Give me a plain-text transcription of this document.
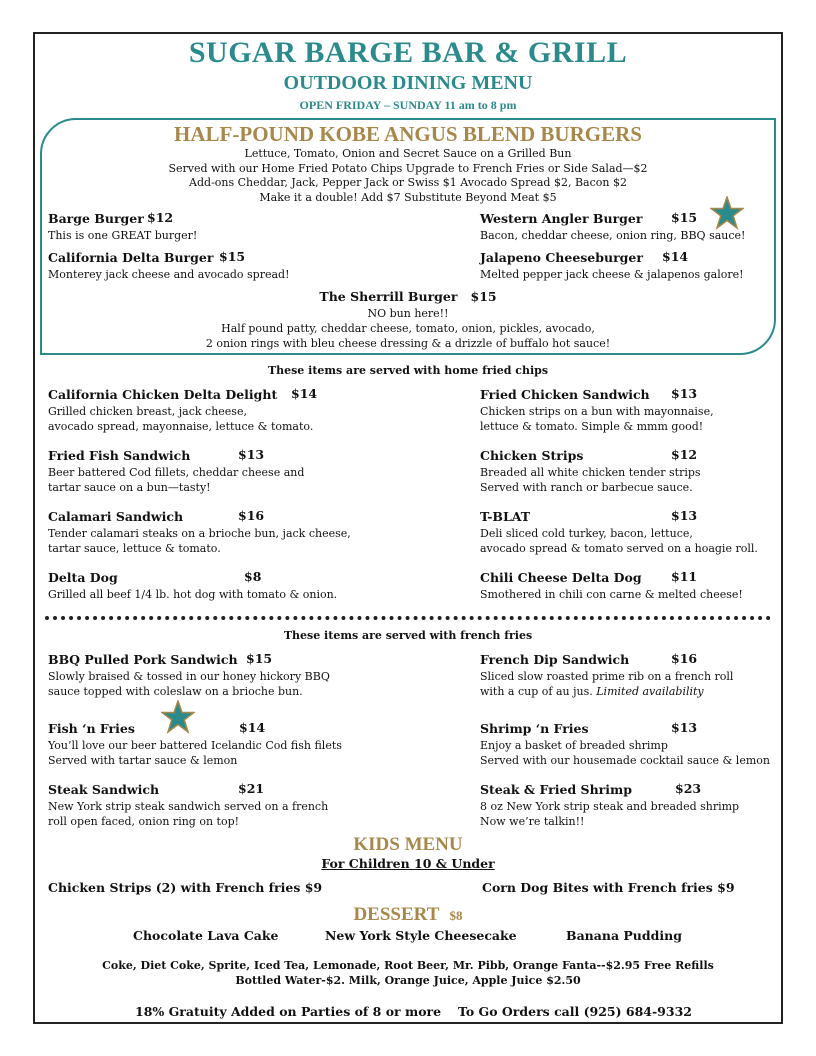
SUGAR BARGE BAR & GRILL
OUTDOOR DINING MENU
OPEN FRIDAY – SUNDAY 11 am to 8 pm
HALF-POUND KOBE ANGUS BLEND BURGERS
Lettuce, Tomato, Onion and Secret Sauce on a Grilled Bun
Served with our Home Fried Potato Chips Upgrade to French Fries or Side Salad—$2
Add-ons Cheddar, Jack, Pepper Jack or Swiss $1 Avocado Spread $2, Bacon $2
Make it a double! Add $7 Substitute Beyond Meat $5
Barge Burger $12
This is one GREAT burger!
Western Angler Burger	$15
Bacon, cheddar cheese, onion ring, BBQ sauce!
California Delta Burger $15
Monterey jack cheese and avocado spread!
Jalapeno Cheeseburger	$14
Melted pepper jack cheese & jalapenos galore!
The Sherrill Burger $15
NO bun here!!
Half pound patty, cheddar cheese, tomato, onion, pickles, avocado,
2 onion rings with bleu cheese dressing & a drizzle of buffalo hot sauce!
These items are served with home fried chips
California Chicken Delta Delight	$14
Grilled chicken breast, jack cheese,
avocado spread, mayonnaise, lettuce & tomato.
Fried Chicken Sandwich	$13
Chicken strips on a bun with mayonnaise,
lettuce & tomato. Simple & mmm good!
Fried Fish Sandwich	$13
Beer battered Cod fillets, cheddar cheese and
tartar sauce on a bun—tasty!
Chicken Strips	$12
Breaded all white chicken tender strips
Served with ranch or barbecue sauce.
Calamari Sandwich	$16
Tender calamari steaks on a brioche bun, jack cheese,
tartar sauce, lettuce & tomato.
T-BLAT	$13
Deli sliced cold turkey, bacon, lettuce,
avocado spread & tomato served on a hoagie roll.
Delta Dog	$8
Grilled all beef 1/4 lb. hot dog with tomato & onion.
Chili Cheese Delta Dog	$11
Smothered in chili con carne & melted cheese!
These items are served with french fries
BBQ Pulled Pork Sandwich $15
Slowly braised & tossed in our honey hickory BBQ
sauce topped with coleslaw on a brioche bun.
French Dip Sandwich	$16
Sliced slow roasted prime rib on a french roll
with a cup of au jus. Limited availability
Fish ‘n Fries	$14
You’ll love our beer battered Icelandic Cod fish filets
Served with tartar sauce & lemon
Shrimp ‘n Fries	$13
Enjoy a basket of breaded shrimp
Served with our housemade cocktail sauce & lemon
Steak Sandwich	$21
New York strip steak sandwich served on a french
roll open faced, onion ring on top!
Steak & Fried Shrimp	$23
8 oz New York strip steak and breaded shrimp
Now we’re talkin!!
KIDS MENU
For Children 10 & Under
Chicken Strips (2) with French fries $9	Corn Dog Bites with French fries $9
DESSERT $8
Chocolate Lava Cake	New York Style Cheesecake	Banana Pudding
Coke, Diet Coke, Sprite, Iced Tea, Lemonade, Root Beer, Mr. Pibb, Orange Fanta--$2.95 Free Refills
Bottled Water-$2. Milk, Orange Juice, Apple Juice $2.50
18% Gratuity Added on Parties of 8 or more To Go Orders call (925) 684-9332
